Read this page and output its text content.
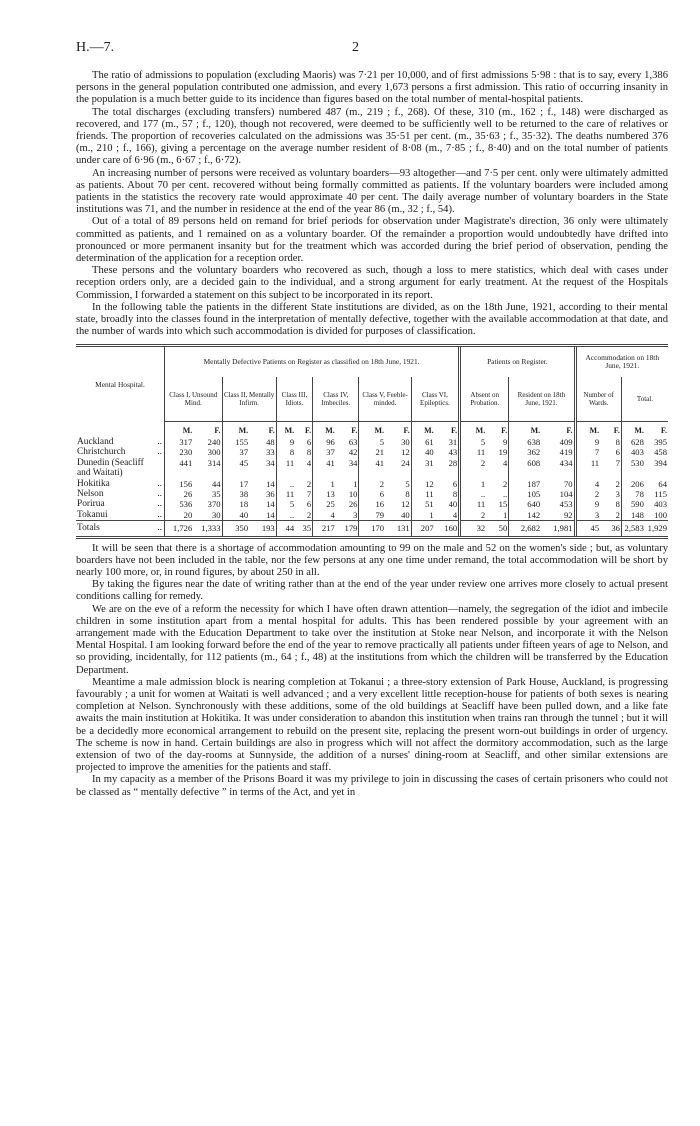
H.—7.	2

The ratio of admissions to population (excluding Maoris) was 7·21 per 10,000, and of first admissions 5·98 : that is to say, every 1,386 persons in the general population contributed one admission, and every 1,673 persons a first admission. This ratio of occurring insanity in the population is a much better guide to its incidence than figures based on the total number of mental-hospital patients.

The total discharges (excluding transfers) numbered 487 (m., 219 ; f., 268). Of these, 310 (m., 162 ; f., 148) were discharged as recovered, and 177 (m., 57 ; f., 120), though not recovered, were deemed to be sufficiently well to be returned to the care of relatives or friends. The proportion of recoveries calculated on the admissions was 35·51 per cent. (m., 35·63 ; f., 35·32). The deaths numbered 376 (m., 210 ; f., 166), giving a percentage on the average number resident of 8·08 (m., 7·85 ; f., 8·40) and on the total number of patients under care of 6·96 (m., 6·67 ; f., 6·72).

An increasing number of persons were received as voluntary boarders—93 altogether—and 7·5 per cent. only were ultimately admitted as patients. About 70 per cent. recovered without being formally committed as patients. If the voluntary boarders were included among patients in the statistics the recovery rate would approximate 40 per cent. The daily average number of voluntary boarders in the State institutions was 71, and the number in residence at the end of the year 86 (m., 32 ; f., 54).

Out of a total of 89 persons held on remand for brief periods for observation under Magistrate's direction, 36 only were ultimately committed as patients, and 1 remained on as a voluntary boarder. Of the remainder a proportion would undoubtedly have drifted into pronounced or more permanent insanity but for the treatment which was accorded during the brief period of observation, pending the determination of the application for a reception order.

These persons and the voluntary boarders who recovered as such, though a loss to mere statistics, which deal with cases under reception orders only, are a decided gain to the individual, and a strong argument for early treatment. At the request of the Hospitals Commission, I forwarded a statement on this subject to be incorporated in its report.

In the following table the patients in the different State institutions are divided, as on the 18th June, 1921, according to their mental state, broadly into the classes found in the interpretation of mentally defective, together with the available accommodation at that date, and the number of wards into which such accommodation is divided for purposes of classification.

Mental Hospital.	Mentally Defective Patients on Register as classified on 18th June, 1921.												Patients on Register.				Accommodation on 18th June, 1921.			
	Class I, Unsound Mind.		Class II, Mentally Infirm.		Class III, Idiots.		Class IV, Imbeciles.		Class V, Feeble-minded.		Class VI, Epileptics.		Absent on Probation.		Resident on 18th June, 1921.		Number of Wards.		Total.	
	M.	F.	M.	F.	M.	F.	M.	F.	M.	F.	M.	F.	M.	F.	M.	F.	M.	F.	M.	F.
Auckland ..	317	240	155	48	9	6	96	63	5	30	61	31	5	9	638	409	9	8	628	395
Christchurch ..	230	300	37	33	8	8	37	42	21	12	40	43	11	19	362	419	7	6	403	458
Dunedin (Seacliff	441	314	45	34	11	4	41	34	41	24	31	28	2	4	608	434	11	7	530	394
and Waitati)

Hokitika ..	156	44	17	14	..	2	1	1	2	5	12	6	1	2	187	70	4	2	206	64
Nelson ..	26	35	38	36	11	7	13	10	6	8	11	8	..	..	105	104	2	3	78	115
Porirua ..	536	370	18	14	5	6	25	26	16	12	51	40	11	15	640	453	9	8	590	403
Tokanui ..	20	30	40	14	..	2	4	3	79	40	1	4	2	1	142	92	3	2	148	100
Totals ..	1,726	1,333	350	193	44	35	217	179	170	131	207	160	32	50	2,682	1,981	45	36	2,583	1,929

It will be seen that there is a shortage of accommodation amounting to 99 on the male and 52 on the women's side ; but, as voluntary boarders have not been included in the table, nor the few persons at any one time under remand, the total accommodation will be short by nearly 100 more, or, in round figures, by about 250 in all.

By taking the figures near the date of writing rather than at the end of the year under review one arrives more closely to actual present conditions calling for remedy.

We are on the eve of a reform the necessity for which I have often drawn attention—namely, the segregation of the idiot and imbecile children in some institution apart from a mental hospital for adults. This has been rendered possible by your agreement with an arrangement made with the Education Department to take over the institution at Stoke near Nelson, and incorporate it with the Nelson Mental Hospital. I am looking forward before the end of the year to remove practically all patients under fifteen years of age to Nelson, and so providing, incidentally, for 112 patients (m., 64 ; f., 48) at the institutions from which the children will be transferred by the Education Department.

Meantime a male admission block is nearing completion at Tokanui ; a three-story extension of Park House, Auckland, is progressing favourably ; a unit for women at Waitati is well advanced ; and a very excellent little reception-house for patients of both sexes is nearing completion at Nelson. Synchronously with these additions, some of the old buildings at Seacliff have been pulled down, and a like fate awaits the main institution at Hokitika. It was under consideration to abandon this institution when trains ran through the tunnel ; but it will be a decidedly more economical arrangement to rebuild on the present site, replacing the present worn-out buildings in order of urgency. The scheme is now in hand. Certain buildings are also in progress which will not affect the dormitory accommodation, such as the large extension of two of the day-rooms at Sunnyside, the addition of a nurses' dining-room at Seacliff, and other similar extensions are projected to improve the amenities for the patients and staff.

In my capacity as a member of the Prisons Board it was my privilege to join in discussing the cases of certain prisoners who could not be classed as “ mentally defective ” in terms of the Act, and yet in
